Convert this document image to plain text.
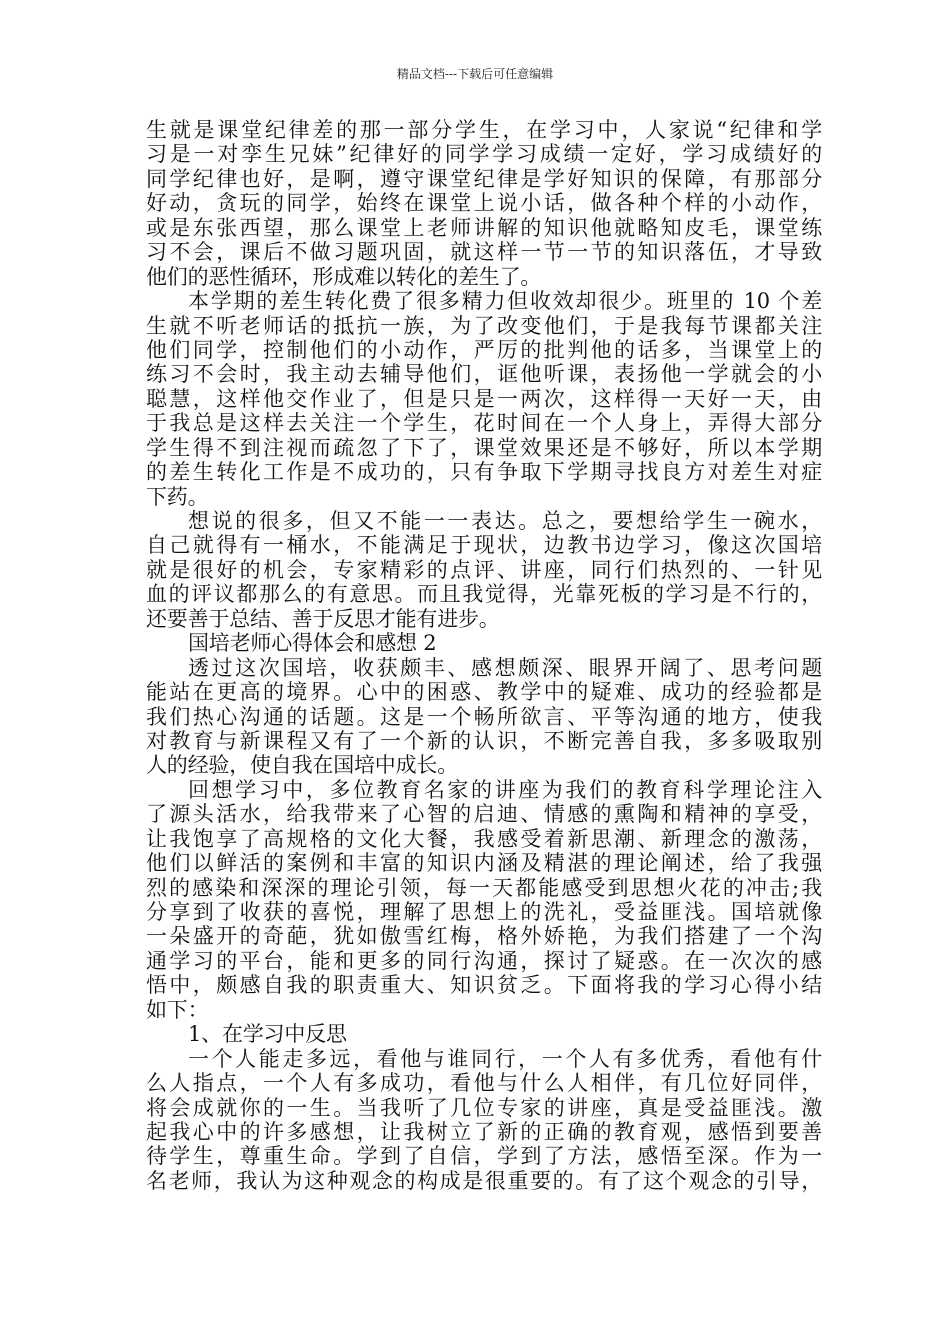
精品文档---下载后可任意编辑
生就是课堂纪律差的那一部分学生，在学习中，人家说“纪律和学
习是一对孪生兄妹”纪律好的同学学习成绩一定好，学习成绩好的
同学纪律也好，是啊，遵守课堂纪律是学好知识的保障，有那部分
好动，贪玩的同学，始终在课堂上说小话，做各种个样的小动作，
或是东张西望，那么课堂上老师讲解的知识他就略知皮毛，课堂练
习不会，课后不做习题巩固，就这样一节一节的知识落伍，才导致
他们的恶性循环，形成难以转化的差生了。
本学期的差生转化费了很多精力但收效却很少。班里的 10 个差
生就不听老师话的抵抗一族，为了改变他们，于是我每节课都关注
他们同学，控制他们的小动作，严厉的批判他的话多，当课堂上的
练习不会时，我主动去辅导他们，诓他听课，表扬他一学就会的小
聪慧，这样他交作业了，但是只是一两次，这样得一天好一天，由
于我总是这样去关注一个学生，花时间在一个人身上，弄得大部分
学生得不到注视而疏忽了下了，课堂效果还是不够好，所以本学期
的差生转化工作是不成功的，只有争取下学期寻找良方对差生对症
下药。
想说的很多，但又不能一一表达。总之，要想给学生一碗水，
自己就得有一桶水，不能满足于现状，边教书边学习，像这次国培
就是很好的机会，专家精彩的点评、讲座，同行们热烈的、一针见
血的评议都那么的有意思。而且我觉得，光靠死板的学习是不行的，
还要善于总结、善于反思才能有进步。
国培老师心得体会和感想 2
透过这次国培，收获颇丰、感想颇深、眼界开阔了、思考问题
能站在更高的境界。心中的困惑、教学中的疑难、成功的经验都是
我们热心沟通的话题。这是一个畅所欲言、平等沟通的地方，使我
对教育与新课程又有了一个新的认识，不断完善自我，多多吸取别
人的经验，使自我在国培中成长。
回想学习中，多位教育名家的讲座为我们的教育科学理论注入
了源头活水，给我带来了心智的启迪、情感的熏陶和精神的享受，
让我饱享了高规格的文化大餐，我感受着新思潮、新理念的激荡，
他们以鲜活的案例和丰富的知识内涵及精湛的理论阐述，给了我强
烈的感染和深深的理论引领，每一天都能感受到思想火花的冲击;我
分享到了收获的喜悦，理解了思想上的洗礼，受益匪浅。国培就像
一朵盛开的奇葩，犹如傲雪红梅，格外娇艳，为我们搭建了一个沟
通学习的平台，能和更多的同行沟通，探讨了疑惑。在一次次的感
悟中，颇感自我的职责重大、知识贫乏。下面将我的学习心得小结
如下：
1、在学习中反思
一个人能走多远，看他与谁同行，一个人有多优秀，看他有什
么人指点，一个人有多成功，看他与什么人相伴，有几位好同伴，
将会成就你的一生。当我听了几位专家的讲座，真是受益匪浅。激
起我心中的许多感想，让我树立了新的正确的教育观，感悟到要善
待学生，尊重生命。学到了自信，学到了方法，感悟至深。作为一
名老师，我认为这种观念的构成是很重要的。有了这个观念的引导，
